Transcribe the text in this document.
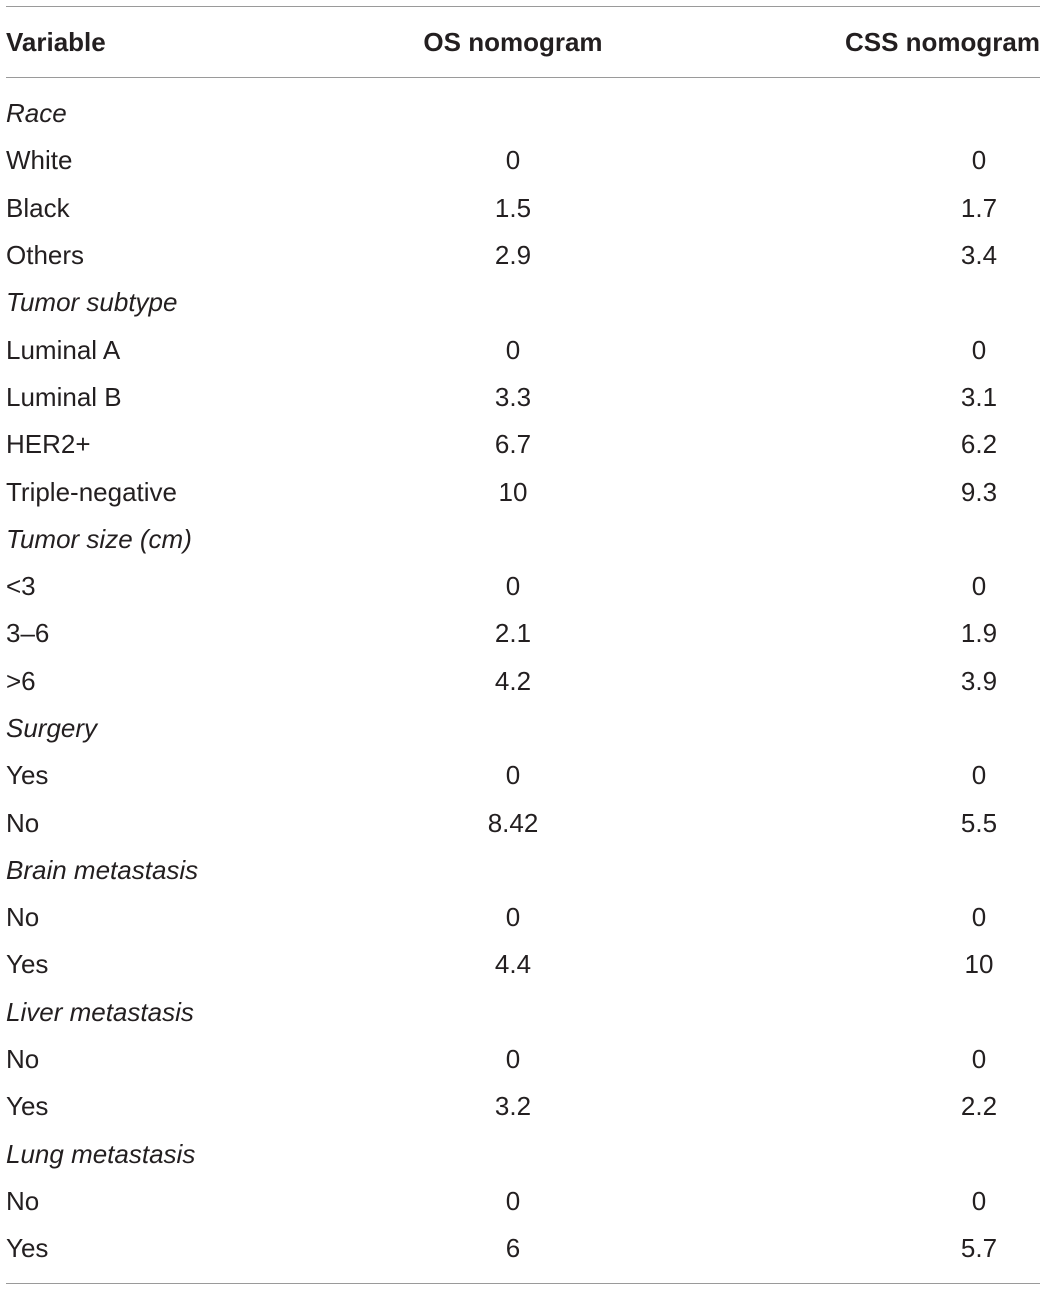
Variable	OS nomogram	CSS nomogram
Race
White	0	0
Black	1.5	1.7
Others	2.9	3.4
Tumor subtype
Luminal A	0	0
Luminal B	3.3	3.1
HER2+	6.7	6.2
Triple-negative	10	9.3
Tumor size (cm)
<3	0	0
3–6	2.1	1.9
>6	4.2	3.9
Surgery
Yes	0	0
No	8.42	5.5
Brain metastasis
No	0	0
Yes	4.4	10
Liver metastasis
No	0	0
Yes	3.2	2.2
Lung metastasis
No	0	0
Yes	6	5.7
